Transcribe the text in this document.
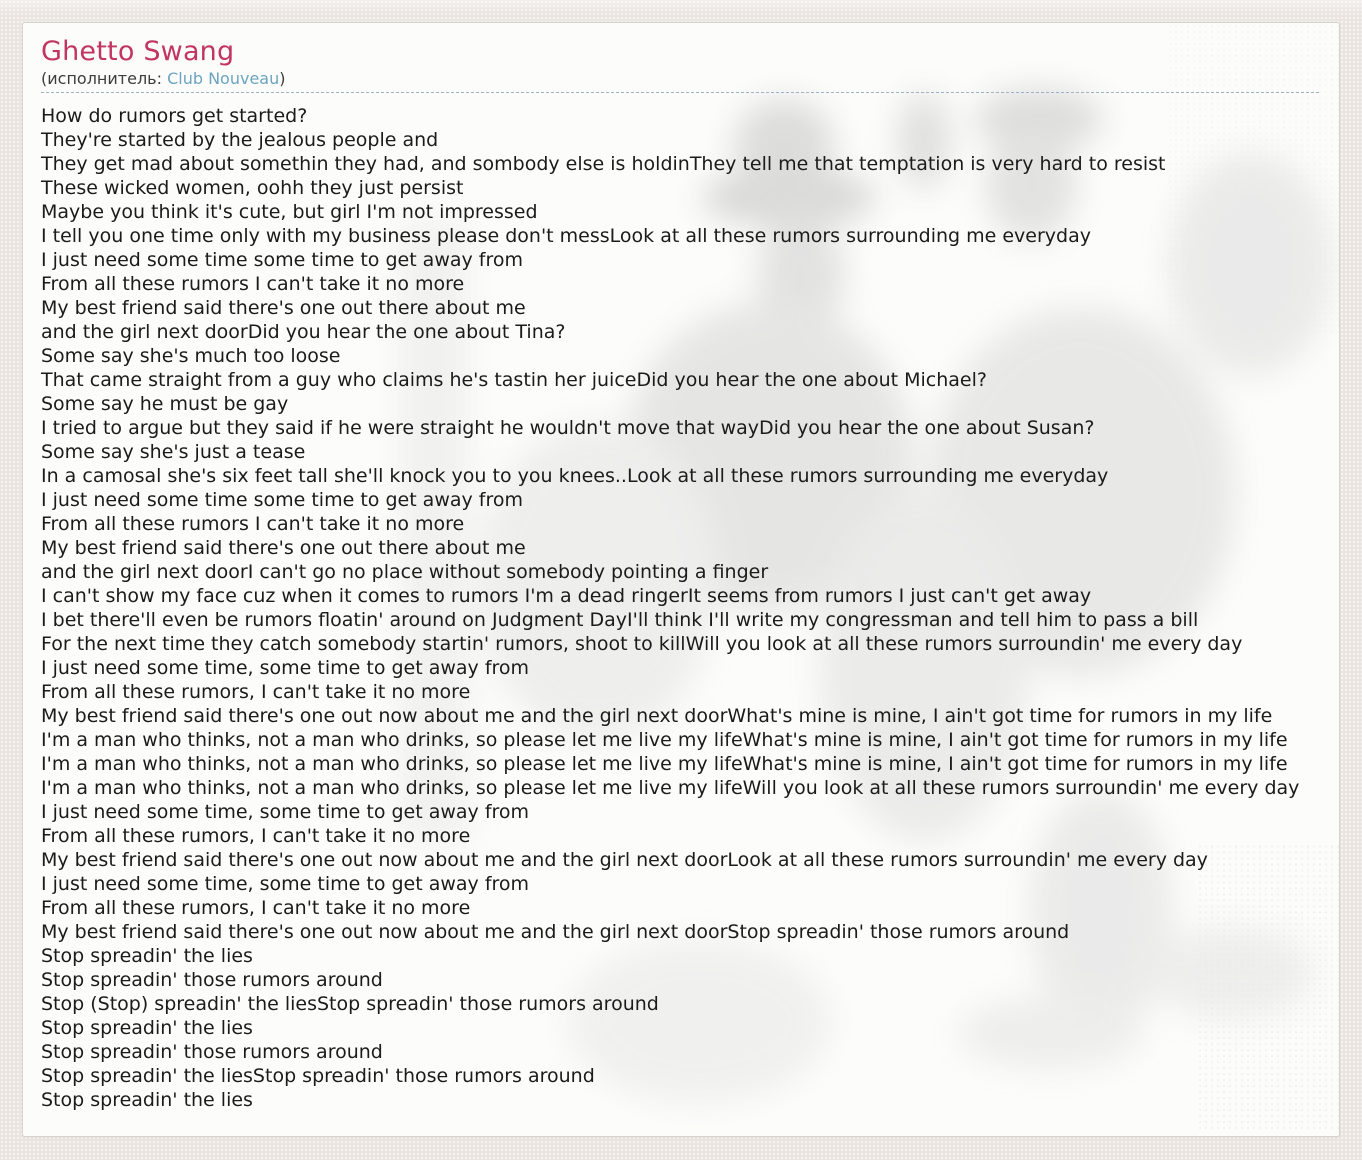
Ghetto Swang
(исполнитель: Club Nouveau)
How do rumors get started?
They're started by the jealous people and
They get mad about somethin they had, and sombody else is holdinThey tell me that temptation is very hard to resist
These wicked women, oohh they just persist
Maybe you think it's cute, but girl I'm not impressed
I tell you one time only with my business please don't messLook at all these rumors surrounding me everyday
I just need some time some time to get away from
From all these rumors I can't take it no more
My best friend said there's one out there about me
and the girl next doorDid you hear the one about Tina?
Some say she's much too loose
That came straight from a guy who claims he's tastin her juiceDid you hear the one about Michael?
Some say he must be gay
I tried to argue but they said if he were straight he wouldn't move that wayDid you hear the one about Susan?
Some say she's just a tease
In a camosal she's six feet tall she'll knock you to you knees..Look at all these rumors surrounding me everyday
I just need some time some time to get away from
From all these rumors I can't take it no more
My best friend said there's one out there about me
and the girl next doorI can't go no place without somebody pointing a finger
I can't show my face cuz when it comes to rumors I'm a dead ringerIt seems from rumors I just can't get away
I bet there'll even be rumors floatin' around on Judgment DayI'll think I'll write my congressman and tell him to pass a bill
For the next time they catch somebody startin' rumors, shoot to killWill you look at all these rumors surroundin' me every day
I just need some time, some time to get away from
From all these rumors, I can't take it no more
My best friend said there's one out now about me and the girl next doorWhat's mine is mine, I ain't got time for rumors in my life
I'm a man who thinks, not a man who drinks, so please let me live my lifeWhat's mine is mine, I ain't got time for rumors in my life
I'm a man who thinks, not a man who drinks, so please let me live my lifeWhat's mine is mine, I ain't got time for rumors in my life
I'm a man who thinks, not a man who drinks, so please let me live my lifeWill you look at all these rumors surroundin' me every day
I just need some time, some time to get away from
From all these rumors, I can't take it no more
My best friend said there's one out now about me and the girl next doorLook at all these rumors surroundin' me every day
I just need some time, some time to get away from
From all these rumors, I can't take it no more
My best friend said there's one out now about me and the girl next doorStop spreadin' those rumors around
Stop spreadin' the lies
Stop spreadin' those rumors around
Stop (Stop) spreadin' the liesStop spreadin' those rumors around
Stop spreadin' the lies
Stop spreadin' those rumors around
Stop spreadin' the liesStop spreadin' those rumors around
Stop spreadin' the lies
